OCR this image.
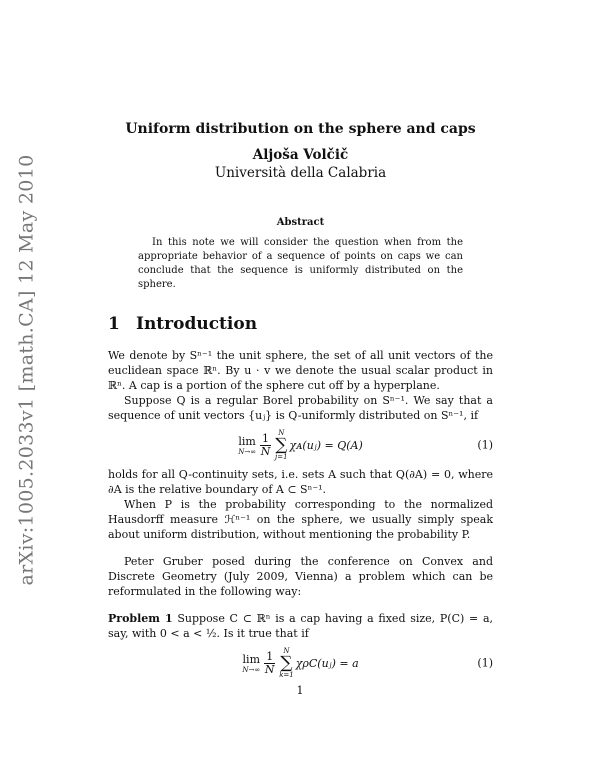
arXiv:1005.2033v1 [math.CA] 12 May 2010
Uniform distribution on the sphere and caps
Aljoša Volčič
Università della Calabria
Abstract
In this note we will consider the question when from the appropriate behavior of a sequence of points on caps we can conclude that the sequence is uniformly distributed on the sphere.
1 Introduction

We denote by Sⁿ⁻¹ the unit sphere, the set of all unit vectors of the euclidean space ℝⁿ. By u · v we denote the usual scalar product in ℝⁿ. A cap is a portion of the sphere cut off by a hyperplane.

Suppose Q is a regular Borel probability on Sⁿ⁻¹. We say that a sequence of unit vectors {uⱼ} is Q-uniformly distributed on Sⁿ⁻¹, if

lim
$N\to\infty \frac{1}{N}$ N
∑
j=1
χᴀ(uⱼ) = Q(A)	(1)

holds for all Q-continuity sets, i.e. sets A such that Q(∂A) = 0, where ∂A is the relative boundary of A ⊂ Sⁿ⁻¹.

When P is the probability corresponding to the normalized Hausdorff measure ℋⁿ⁻¹ on the sphere, we usually simply speak about uniform distribution, without mentioning the probability P.

Peter Gruber posed during the conference on Convex and Discrete Geometry (July 2009, Vienna) a problem which can be reformulated in the following way:

Problem 1 Suppose C ⊂ ℝⁿ is a cap having a fixed size, P(C) = a, say, with 0 < a < ½. Is it true that if

lim
$N\to\infty \frac{1}{N}$ N
∑
k=1
χρC(uⱼ) = a	(1)
1
